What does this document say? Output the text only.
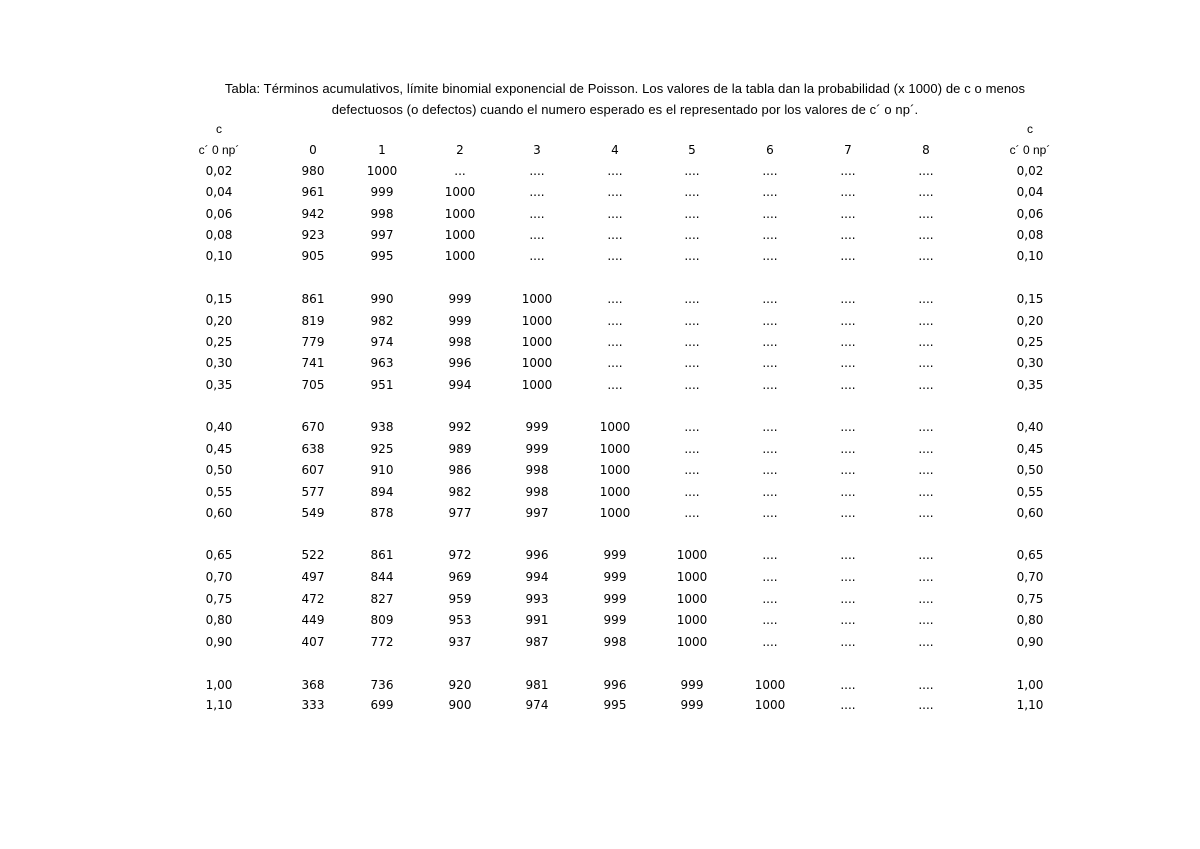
Tabla: Términos acumulativos, límite binomial exponencial de Poisson. Los valores de la tabla dan la probabilidad (x 1000) de c o menos
defectuosos (o defectos) cuando el numero esperado es el representado por los valores de c´ o np´.
c	c
c´ 0 np´	0	1	2	3	4	5	6	7	8	c´ 0 np´
0,02	980	1000	...	....	....	....	....	....	....	0,02
0,04	961	999	1000	....	....	....	....	....	....	0,04
0,06	942	998	1000	....	....	....	....	....	....	0,06
0,08	923	997	1000	....	....	....	....	....	....	0,08
0,10	905	995	1000	....	....	....	....	....	....	0,10
0,15	861	990	999	1000	....	....	....	....	....	0,15
0,20	819	982	999	1000	....	....	....	....	....	0,20
0,25	779	974	998	1000	....	....	....	....	....	0,25
0,30	741	963	996	1000	....	....	....	....	....	0,30
0,35	705	951	994	1000	....	....	....	....	....	0,35
0,40	670	938	992	999	1000	....	....	....	....	0,40
0,45	638	925	989	999	1000	....	....	....	....	0,45
0,50	607	910	986	998	1000	....	....	....	....	0,50
0,55	577	894	982	998	1000	....	....	....	....	0,55
0,60	549	878	977	997	1000	....	....	....	....	0,60
0,65	522	861	972	996	999	1000	....	....	....	0,65
0,70	497	844	969	994	999	1000	....	....	....	0,70
0,75	472	827	959	993	999	1000	....	....	....	0,75
0,80	449	809	953	991	999	1000	....	....	....	0,80
0,90	407	772	937	987	998	1000	....	....	....	0,90
1,00	368	736	920	981	996	999	1000	....	....	1,00
1,10	333	699	900	974	995	999	1000	....	....	1,10
